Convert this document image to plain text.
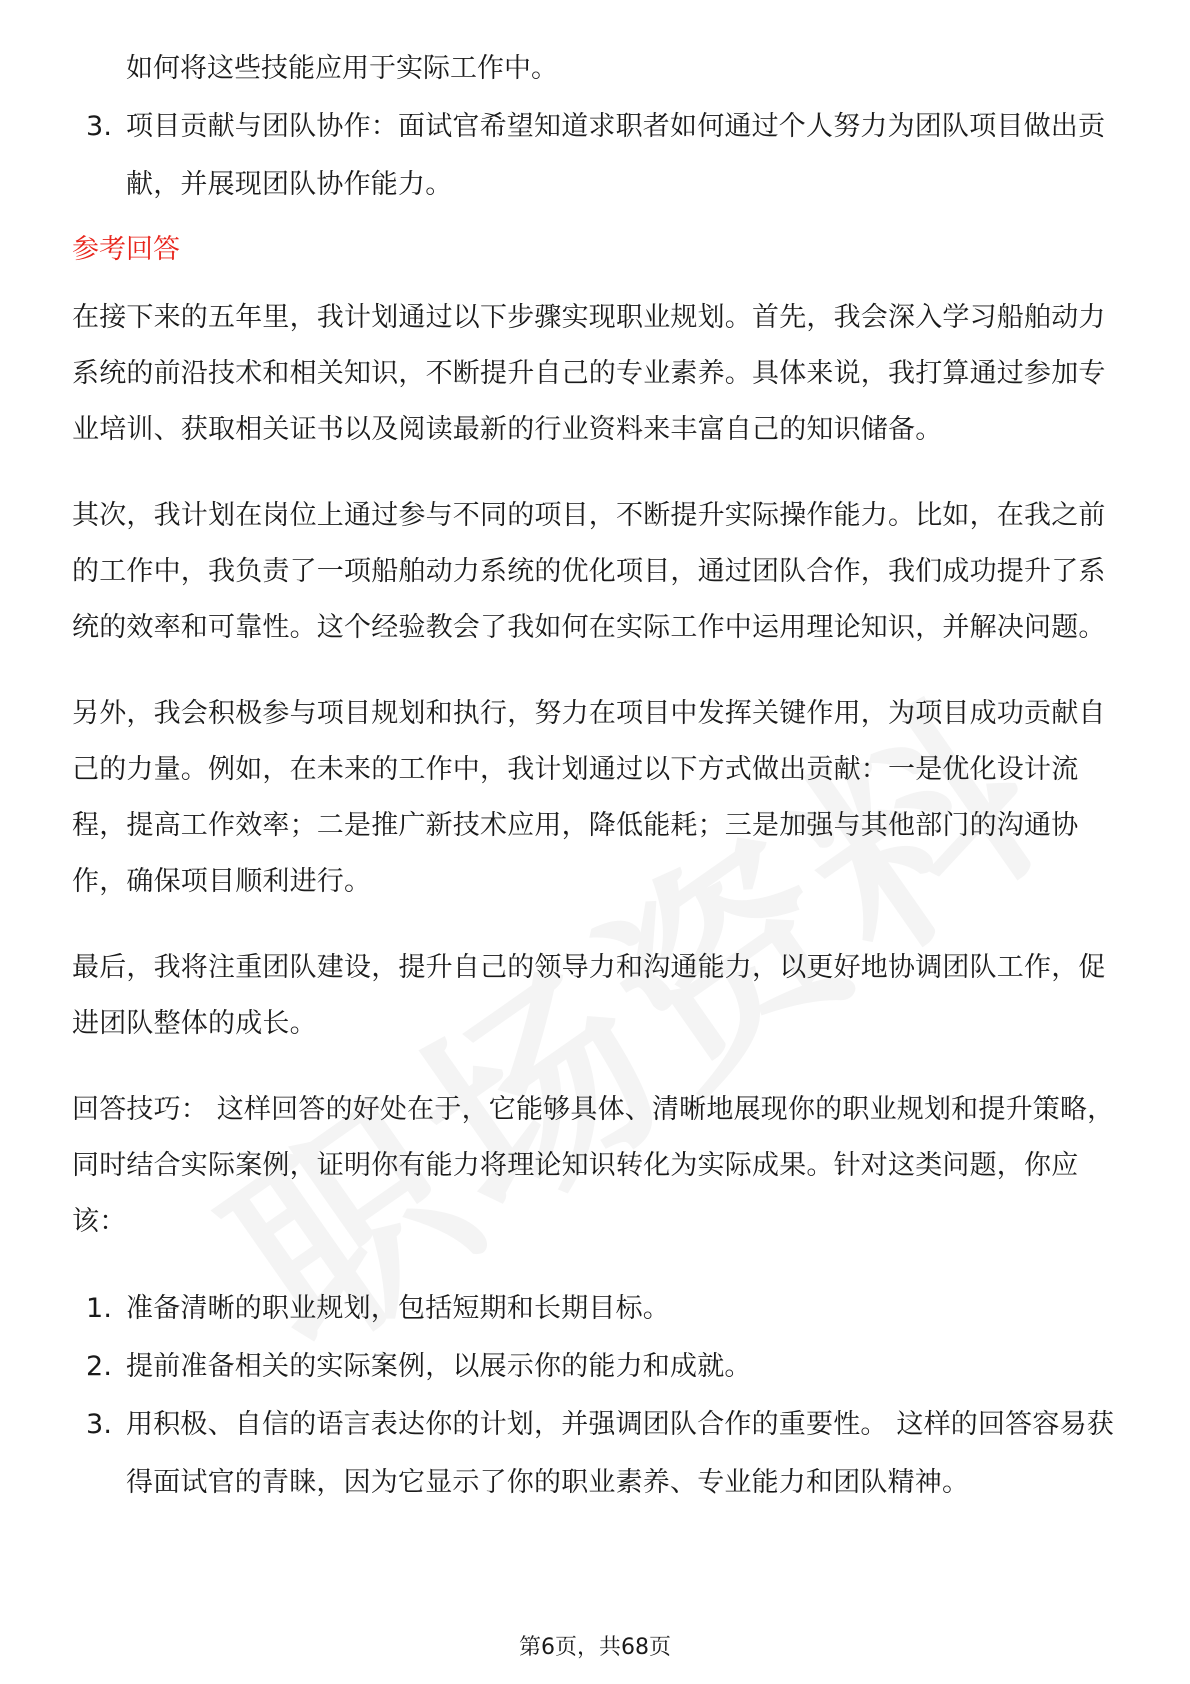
如何将这些技能应用于实际工作中。
3. 项目贡献与团队协作：面试官希望知道求职者如何通过个人努力为团队项目做出贡献，并展现团队协作能力。
参考回答

在接下来的五年里，我计划通过以下步骤实现职业规划。首先，我会深入学习船舶动力系统的前沿技术和相关知识，不断提升自己的专业素养。具体来说，我打算通过参加专业培训、获取相关证书以及阅读最新的行业资料来丰富自己的知识储备。

其次，我计划在岗位上通过参与不同的项目，不断提升实际操作能力。比如，在我之前的工作中，我负责了一项船舶动力系统的优化项目，通过团队合作，我们成功提升了系统的效率和可靠性。这个经验教会了我如何在实际工作中运用理论知识，并解决问题。

另外，我会积极参与项目规划和执行，努力在项目中发挥关键作用，为项目成功贡献自己的力量。例如，在未来的工作中，我计划通过以下方式做出贡献：一是优化设计流程，提高工作效率；二是推广新技术应用，降低能耗；三是加强与其他部门的沟通协作，确保项目顺利进行。

最后，我将注重团队建设，提升自己的领导力和沟通能力，以更好地协调团队工作，促进团队整体的成长。

回答技巧： 这样回答的好处在于，它能够具体、清晰地展现你的职业规划和提升策略，同时结合实际案例，证明你有能力将理论知识转化为实际成果。针对这类问题，你应该：

1. 准备清晰的职业规划，包括短期和长期目标。
2. 提前准备相关的实际案例，以展示你的能力和成就。
3. 用积极、自信的语言表达你的计划，并强调团队合作的重要性。 这样的回答容易获得面试官的青睐，因为它显示了你的职业素养、专业能力和团队精神。
第6页，共68页
